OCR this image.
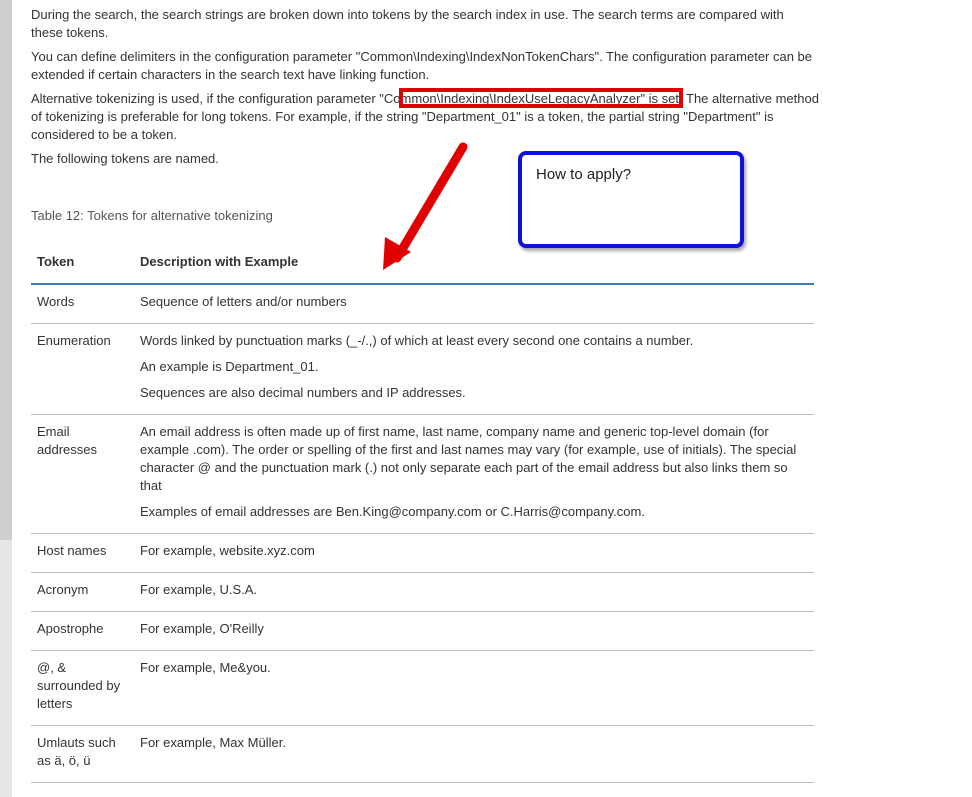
During the search, the search strings are broken down into tokens by the search index in use. The search terms are compared with these tokens.

You can define delimiters in the configuration parameter "Common\Indexing\IndexNonTokenChars". The configuration parameter can be extended if certain characters in the search text have linking function.

Alternative tokenizing is used, if the configuration parameter "Common\Indexing\IndexUseLegacyAnalyzer" is set. The alternative method of tokenizing is preferable for long tokens. For example, if the string "Department_01" is a token, the partial string "Department" is considered to be a token.

The following tokens are named.

Table 12: Tokens for alternative tokenizing
Token	Description with Example
Words	Sequence of letters and/or numbers

Enumeration	Words linked by punctuation marks (_-/.,) of which at least every second one contains a number.
An example is Department_01.
Sequences are also decimal numbers and IP addresses.

Email addresses	An email address is often made up of first name, last name, company name and generic top-level domain (for example .com). The order or spelling of the first and last names may vary (for example, use of initials). The special character @ and the punctuation mark (.) not only separate each part of the email address but also links them so that
Examples of email addresses are Ben.King@company.com or C.Harris@company.com.

Host names	For example, website.xyz.com

Acronym	For example, U.S.A.

Apostrophe	For example, O'Reilly

@, & surrounded by letters	For example, Me&you.

Umlauts such as ä, ö, ü	For example, Max Müller.
How to apply?
